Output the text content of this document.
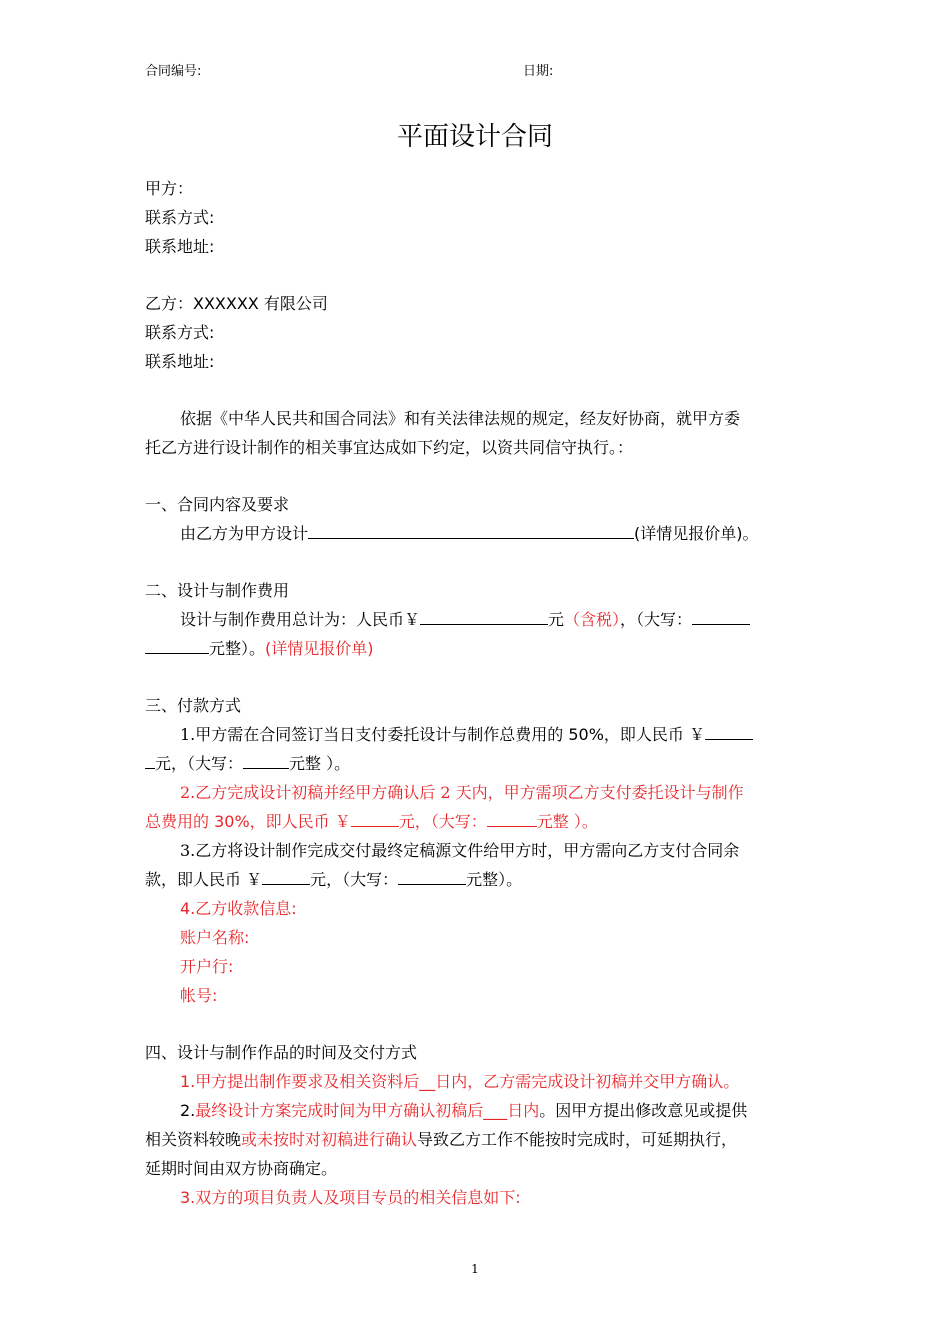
合同编号:	日期:
平面设计合同
甲方：
联系方式:
联系地址:
乙方：XXXXXX 有限公司
联系方式:
联系地址:
依据《中华人民共和国合同法》和有关法律法规的规定，经友好协商，就甲方委
托乙方进行设计制作的相关事宜达成如下约定，以资共同信守执行。：
一、合同内容及要求
由乙方为甲方设计	(详情见报价单)。
二、设计与制作费用
设计与制作费用总计为：人民币￥	元（含税），（大写：
元整）。(详情见报价单)
三、付款方式
1.甲方需在合同签订当日支付委托设计与制作总费用的 50%，即人民币 ￥
元，（大写：	元整 ）。
2.乙方完成设计初稿并经甲方确认后 2 天内，甲方需项乙方支付委托设计与制作
总费用的 30%，即人民币 ￥	元，（大写：	元整 ）。
3.乙方将设计制作完成交付最终定稿源文件给甲方时，甲方需向乙方支付合同余
款，即人民币 ￥	元，（大写：	元整）。
4.乙方收款信息:
账户名称:
开户行:
帐号:
四、设计与制作作品的时间及交付方式
1.甲方提出制作要求及相关资料后__日内，乙方需完成设计初稿并交甲方确认。
2.最终设计方案完成时间为甲方确认初稿后___日内。因甲方提出修改意见或提供
相关资料较晚或未按时对初稿进行确认导致乙方工作不能按时完成时，可延期执行，
延期时间由双方协商确定。
3.双方的项目负责人及项目专员的相关信息如下:
1
